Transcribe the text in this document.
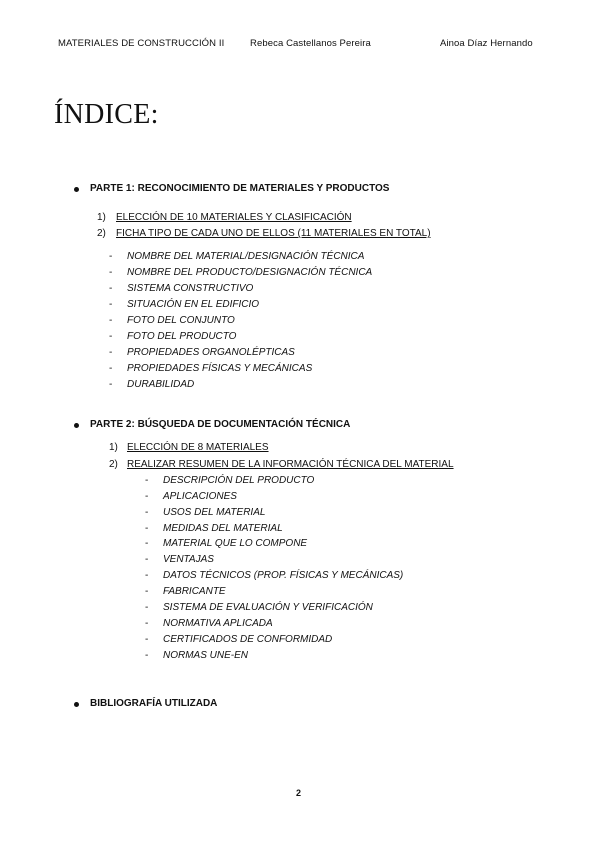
MATERIALES DE CONSTRUCCIÓN II	Rebeca Castellanos Pereira	Ainoa Díaz Hernando
ÍNDICE:
PARTE 1: RECONOCIMIENTO DE MATERIALES Y PRODUCTOS
1) ELECCIÓN DE 10 MATERIALES Y CLASIFICACIÓN
2) FICHA TIPO DE CADA UNO DE ELLOS (11 MATERIALES EN TOTAL)
- NOMBRE DEL MATERIAL/DESIGNACIÓN TÉCNICA
- NOMBRE DEL PRODUCTO/DESIGNACIÓN TÉCNICA
- SISTEMA CONSTRUCTIVO
- SITUACIÓN EN EL EDIFICIO
- FOTO DEL CONJUNTO
- FOTO DEL PRODUCTO
- PROPIEDADES ORGANOLÉPTICAS
- PROPIEDADES FÍSICAS Y MECÁNICAS
- DURABILIDAD
PARTE 2: BÚSQUEDA DE DOCUMENTACIÓN TÉCNICA
1) ELECCIÓN DE 8 MATERIALES
2) REALIZAR RESUMEN DE LA INFORMACIÓN TÉCNICA DEL MATERIAL
- DESCRIPCIÓN DEL PRODUCTO
- APLICACIONES
- USOS DEL MATERIAL
- MEDIDAS DEL MATERIAL
- MATERIAL QUE LO COMPONE
- VENTAJAS
- DATOS TÉCNICOS (PROP. FÍSICAS Y MECÁNICAS)
- FABRICANTE
- SISTEMA DE EVALUACIÓN Y VERIFICACIÓN
- NORMATIVA APLICADA
- CERTIFICADOS DE CONFORMIDAD
- NORMAS UNE-EN
BIBLIOGRAFÍA UTILIZADA
2
